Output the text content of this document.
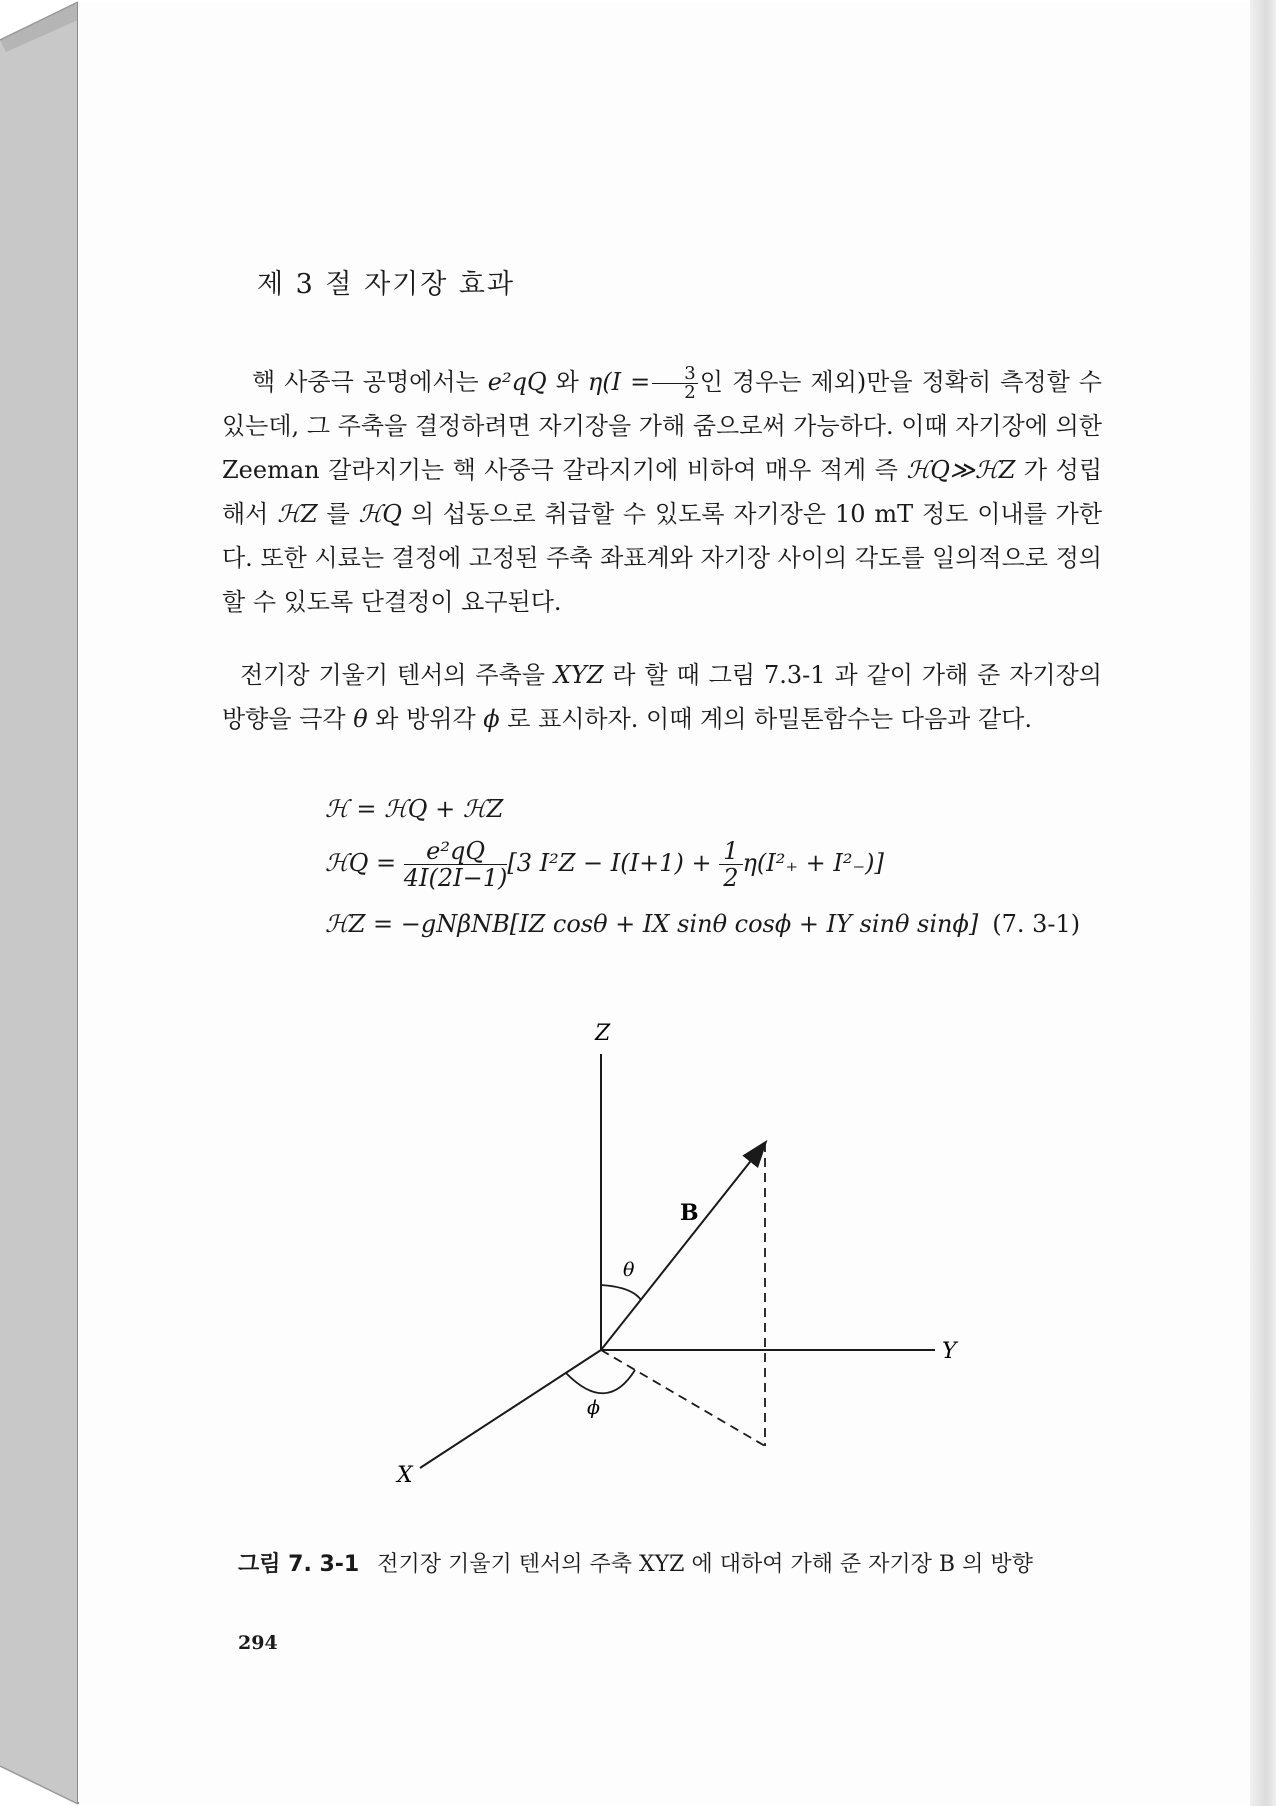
제 3 절 자기장 효과

핵 사중극 공명에서는 e²qQ 와 $\eta(I = \frac{3}{2}$ 인 경우는 제외)만을 정확히 측정할 수 있는데, 그 주축을 결정하려면 자기장을 가해 줌으로써 가능하다. 이때 자기장에 의한 Zeeman 갈라지기는 핵 사중극 갈라지기에 비하여 매우 적게 즉 ℋQ≫ℋZ 가 성립해서 ℋZ 를 ℋQ 의 섭동으로 취급할 수 있도록 자기장은 10 mT 정도 이내를 가한다. 또한 시료는 결정에 고정된 주축 좌표계와 자기장 사이의 각도를 일의적으로 정의할 수 있도록 단결정이 요구된다.

전기장 기울기 텐서의 주축을 XYZ 라 할 때 그림 7.3-1 과 같이 가해 준 자기장의 방향을 극각 θ 와 방위각 ϕ 로 표시하자. 이때 계의 하밀톤함수는 다음과 같다.

ℋ = ℋQ + ℋZ

ℋQ = $\frac{\text{e²qQ}}{4I(2I-1)} [3$ $I^2Z - I(I+1) + \frac{1}{2} \eta(I^2_+ + I^2_-)$]

ℋZ = −gNβNB[IZ cosθ + IX sinθ cosϕ + IY sinθ sinϕ] (7. 3-1)

Z
Y
X
B
θ
ϕ

그림 7. 3-1 전기장 기울기 텐서의 주축 XYZ 에 대하여 가해 준 자기장 B 의 방향

294
